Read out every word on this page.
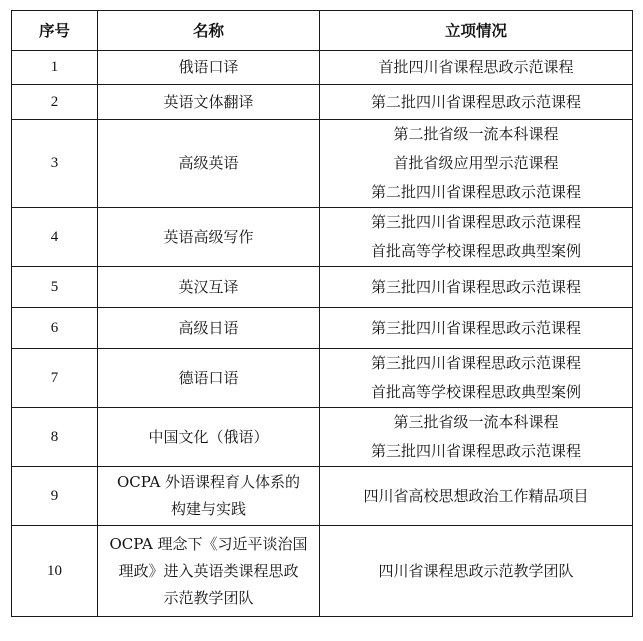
序号	名称	立项情况
1	俄语口译	首批四川省课程思政示范课程

2	英语文体翻译	第二批四川省课程思政示范课程

3	高级英语	第二批省级一流本科课程
首批省级应用型示范课程
第二批四川省课程思政示范课程

4	英语高级写作	第三批四川省课程思政示范课程
首批高等学校课程思政典型案例

5	英汉互译	第三批四川省课程思政示范课程

6	高级日语	第三批四川省课程思政示范课程

7	德语口语	第三批四川省课程思政示范课程
首批高等学校课程思政典型案例

8	中国文化（俄语）	第三批省级一流本科课程
第三批四川省课程思政示范课程

9	OCPA 外语课程育人体系的
构建与实践	四川省高校思想政治工作精品项目

10	OCPA 理念下《习近平谈治国
理政》进入英语类课程思政
示范教学团队	四川省课程思政示范教学团队
